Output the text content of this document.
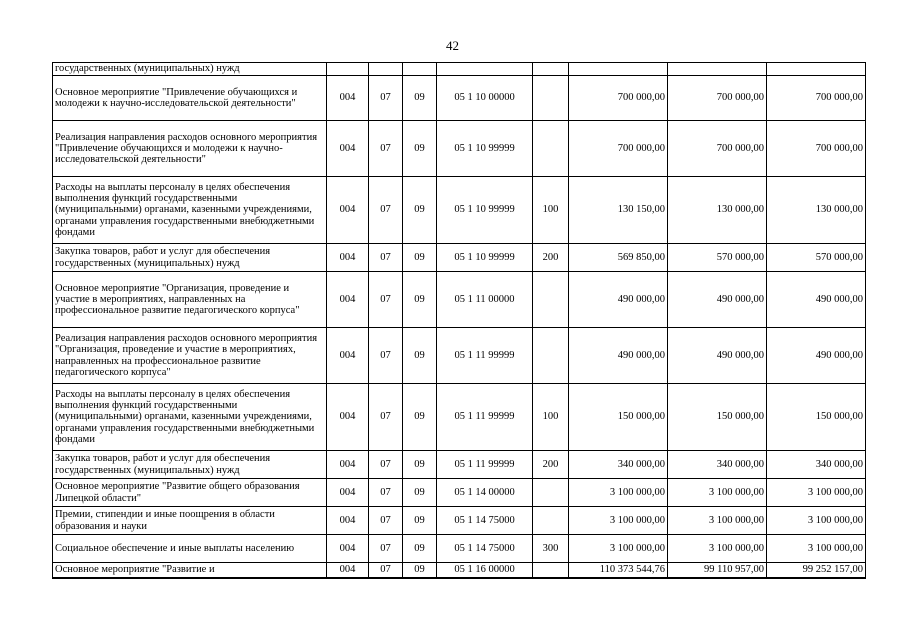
42
государственных (муниципальных) нужд								
Основное мероприятие "Привлечение обучающихся и молодежи к научно-исследовательской деятельности"	004	07	09	05 1 10 00000		700 000,00	700 000,00	700 000,00
Реализация направления расходов основного мероприятия "Привлечение обучающихся и молодежи к научно-исследовательской деятельности"	004	07	09	05 1 10 99999		700 000,00	700 000,00	700 000,00
Расходы на выплаты персоналу в целях обеспечения выполнения функций государственными (муниципальными) органами, казенными учреждениями, органами управления государственными внебюджетными фондами	004	07	09	05 1 10 99999	100	130 150,00	130 000,00	130 000,00
Закупка товаров, работ и услуг для обеспечения государственных (муниципальных) нужд	004	07	09	05 1 10 99999	200	569 850,00	570 000,00	570 000,00
Основное мероприятие "Организация, проведение и участие в мероприятиях, направленных на профессиональное развитие педагогического корпуса"	004	07	09	05 1 11 00000		490 000,00	490 000,00	490 000,00
Реализация направления расходов основного мероприятия "Организация, проведение и участие в мероприятиях, направленных на профессиональное развитие педагогического корпуса"	004	07	09	05 1 11 99999		490 000,00	490 000,00	490 000,00
Расходы на выплаты персоналу в целях обеспечения выполнения функций государственными (муниципальными) органами, казенными учреждениями, органами управления государственными внебюджетными фондами	004	07	09	05 1 11 99999	100	150 000,00	150 000,00	150 000,00
Закупка товаров, работ и услуг для обеспечения государственных (муниципальных) нужд	004	07	09	05 1 11 99999	200	340 000,00	340 000,00	340 000,00
Основное мероприятие "Развитие общего образования Липецкой области"	004	07	09	05 1 14 00000		3 100 000,00	3 100 000,00	3 100 000,00
Премии, стипендии и иные поощрения в области образования и науки	004	07	09	05 1 14 75000		3 100 000,00	3 100 000,00	3 100 000,00
Социальное обеспечение и иные выплаты населению	004	07	09	05 1 14 75000	300	3 100 000,00	3 100 000,00	3 100 000,00
Основное мероприятие "Развитие и	004	07	09	05 1 16 00000		110 373 544,76	99 110 957,00	99 252 157,00
